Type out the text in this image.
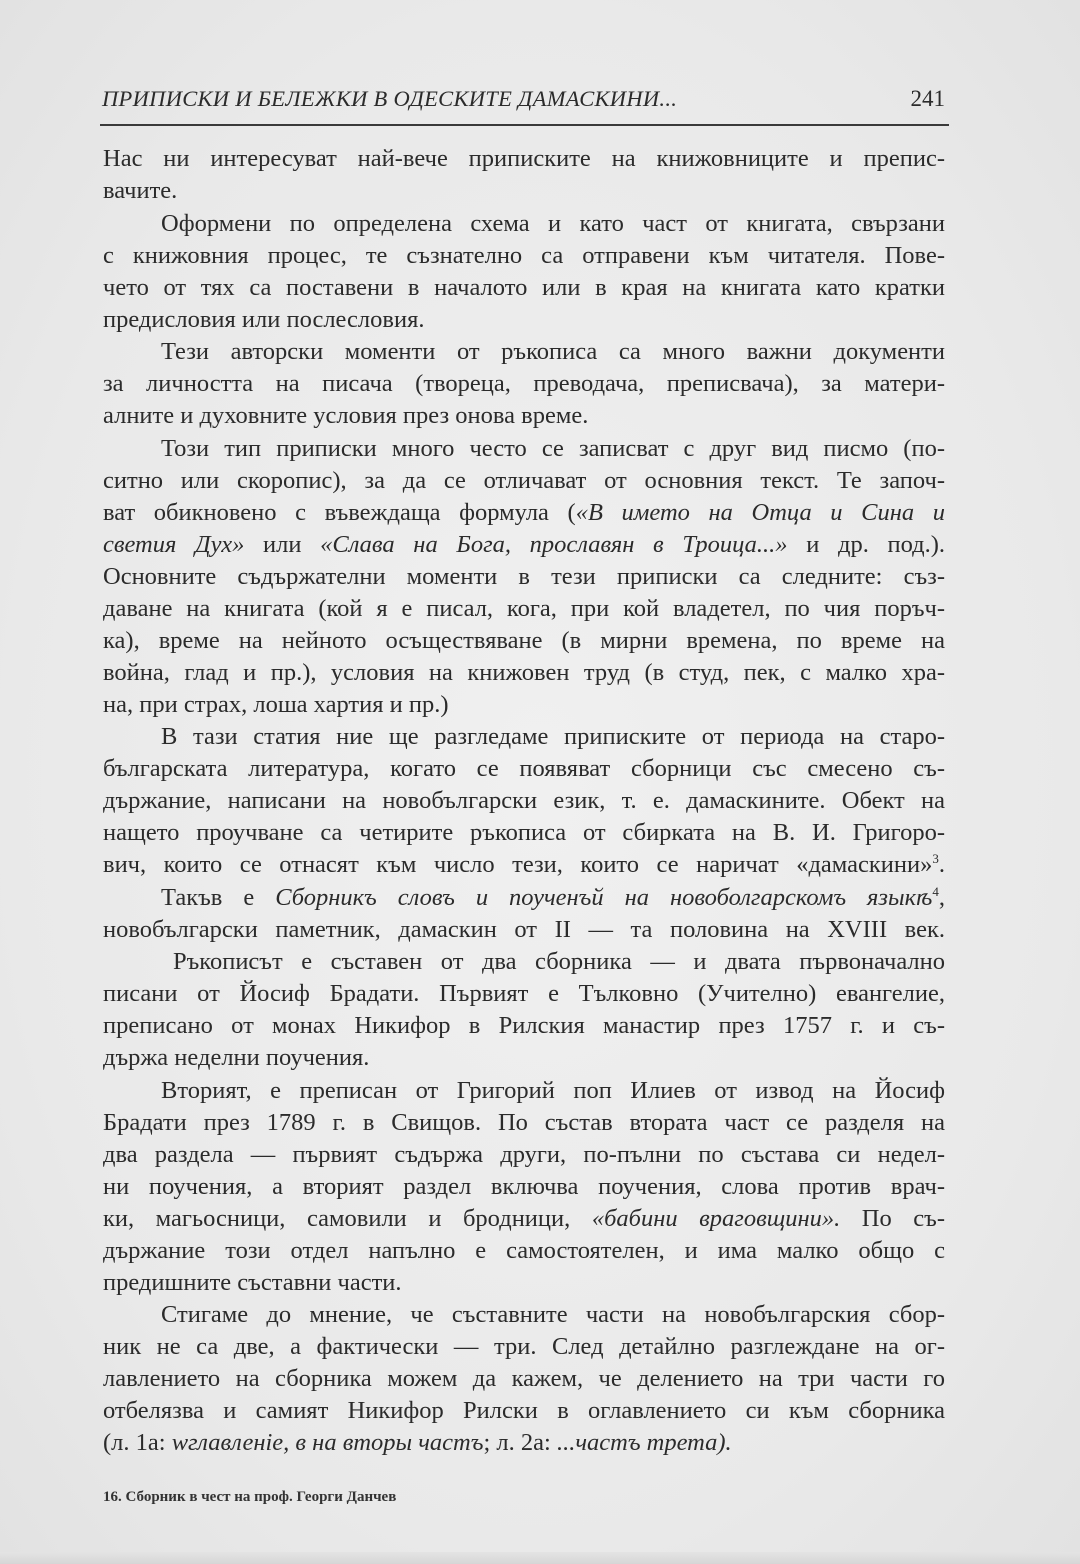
ПРИПИСКИ И БЕЛЕЖКИ В ОДЕСКИТЕ ДАМАСКИНИ...	241
Нас ни интересуват най-вече приписките на книжовниците и препис-
вачите.
Оформени по определена схема и като част от книгата, свързани
с книжовния процес, те съзнателно са отправени към читателя. Пове-
чето от тях са поставени в началото или в края на книгата като кратки
предисловия или послесловия.
Тези авторски моменти от ръкописа са много важни документи
за личността на писача (твореца, преводача, преписвача), за матери-
алните и духовните условия през онова време.
Този тип приписки много често се записват с друг вид писмо (по-
ситно или скоропис), за да се отличават от основния текст. Те започ-
ват обикновено с въвеждаща формула («В името на Отца и Сина и
светия Дух» или «Слава на Бога, прославян в Троица...» и др. под.).
Основните съдържателни моменти в тези приписки са следните: съз-
даване на книгата (кой я е писал, кога, при кой владетел, по чия поръч-
ка), време на нейното осъществяване (в мирни времена, по време на
война, глад и пр.), условия на книжовен труд (в студ, пек, с малко хра-
на, при страх, лоша хартия и пр.)
В тази статия ние ще разгледаме приписките от периода на старо-
българската литература, когато се появяват сборници със смесено съ-
държание, написани на новобългарски език, т. е. дамаскините. Обект на
нащето проучване са четирите ръкописа от сбирката на В. И. Григоро-
вич, които се отнасят към число тези, които се наричат «дамаскини»$^3$.
Такъв е Сборникъ словъ и поученъй на новоболгарскомъ языкѣ$^4$,
новобългарски паметник, дамаскин от II — та половина на XVIII век.
Ръкописът е съставен от два сборника — и двата първоначално
писани от Йосиф Брадати. Първият е Тълковно (Учително) евангелие,
преписано от монах Никифор в Рилския манастир през 1757 г. и съ-
държа неделни поучения.
Вторият, е преписан от Григорий поп Илиев от извод на Йосиф
Брадати през 1789 г. в Свищов. По състав втората част се разделя на
два раздела — първият съдържа други, по-пълни по състава си недел-
ни поучения, а вторият раздел включва поучения, слова против врач-
ки, магьосници, самовили и бродници, «бабини враговщини». По съ-
държание този отдел напълно е самостоятелен, и има малко общо с
предишните съставни части.
Стигаме до мнение, че съставните части на новобългарския сбор-
ник не са две, а фактически — три. След детайлно разглеждане на ог-
лавлението на сборника можем да кажем, че делението на три части го
отбелязва и самият Никифор Рилски в оглавлението си към сборника
(л. 1а: wглавленiе, в на вторы частъ; л. 2а: ...частъ трета).
16. Сборник в чест на проф. Георги Данчев
